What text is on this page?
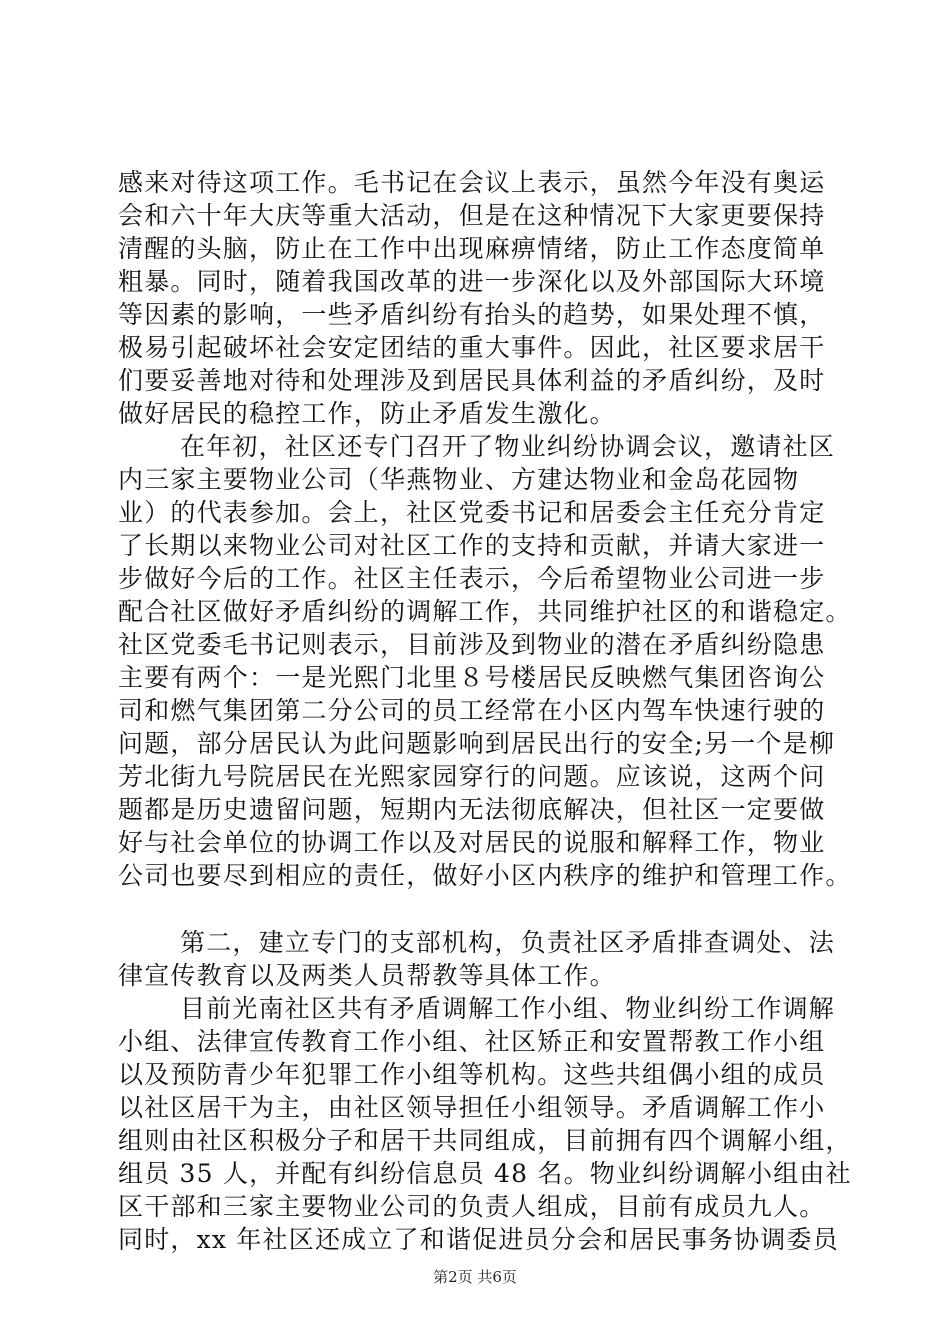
感来对待这项工作。毛书记在会议上表示，虽然今年没有奥运

会和六十年大庆等重大活动，但是在这种情况下大家更要保持

清醒的头脑，防止在工作中出现麻痹情绪，防止工作态度简单

粗暴。同时，随着我国改革的进一步深化以及外部国际大环境

等因素的影响，一些矛盾纠纷有抬头的趋势，如果处理不慎，

极易引起破坏社会安定团结的重大事件。因此，社区要求居干

们要妥善地对待和处理涉及到居民具体利益的矛盾纠纷，及时

做好居民的稳控工作，防止矛盾发生激化。

在年初，社区还专门召开了物业纠纷协调会议，邀请社区

内三家主要物业公司（华燕物业、方建达物业和金岛花园物

业）的代表参加。会上，社区党委书记和居委会主任充分肯定

了长期以来物业公司对社区工作的支持和贡献，并请大家进一

步做好今后的工作。社区主任表示，今后希望物业公司进一步

配合社区做好矛盾纠纷的调解工作，共同维护社区的和谐稳定。

社区党委毛书记则表示，目前涉及到物业的潜在矛盾纠纷隐患

主要有两个：一是光熙门北里８号楼居民反映燃气集团咨询公

司和燃气集团第二分公司的员工经常在小区内驾车快速行驶的

问题，部分居民认为此问题影响到居民出行的安全;另一个是柳

芳北街九号院居民在光熙家园穿行的问题。应该说，这两个问

题都是历史遗留问题，短期内无法彻底解决，但社区一定要做

好与社会单位的协调工作以及对居民的说服和解释工作，物业

公司也要尽到相应的责任，做好小区内秩序的维护和管理工作。

第二，建立专门的支部机构，负责社区矛盾排查调处、法

律宣传教育以及两类人员帮教等具体工作。

目前光南社区共有矛盾调解工作小组、物业纠纷工作调解

小组、法律宣传教育工作小组、社区矫正和安置帮教工作小组

以及预防青少年犯罪工作小组等机构。这些共组偶小组的成员

以社区居干为主，由社区领导担任小组领导。矛盾调解工作小

组则由社区积极分子和居干共同组成，目前拥有四个调解小组，

组员 35 人，并配有纠纷信息员 48 名。物业纠纷调解小组由社

区干部和三家主要物业公司的负责人组成，目前有成员九人。

同时，xx 年社区还成立了和谐促进员分会和居民事务协调委员

第2页 共6页
